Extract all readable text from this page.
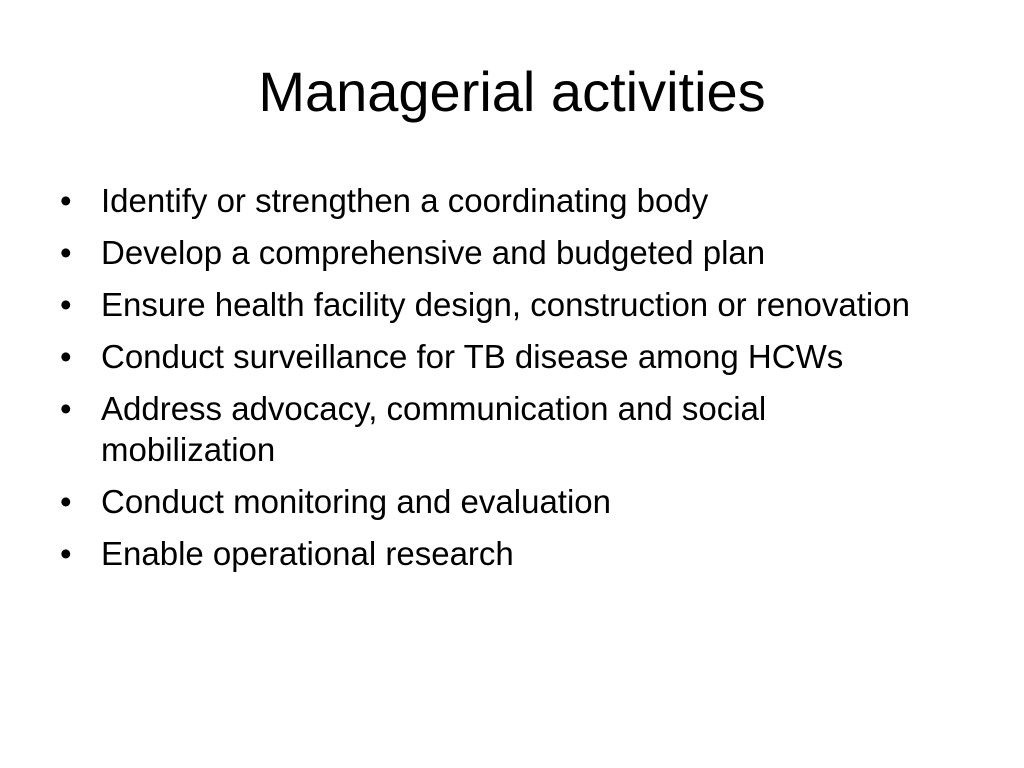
Managerial activities
• Identify or strengthen a coordinating body
• Develop a comprehensive and budgeted plan
• Ensure health facility design, construction or renovation
• Conduct surveillance for TB disease among HCWs
• Address advocacy, communication and social mobilization
• Conduct monitoring and evaluation
• Enable operational research
